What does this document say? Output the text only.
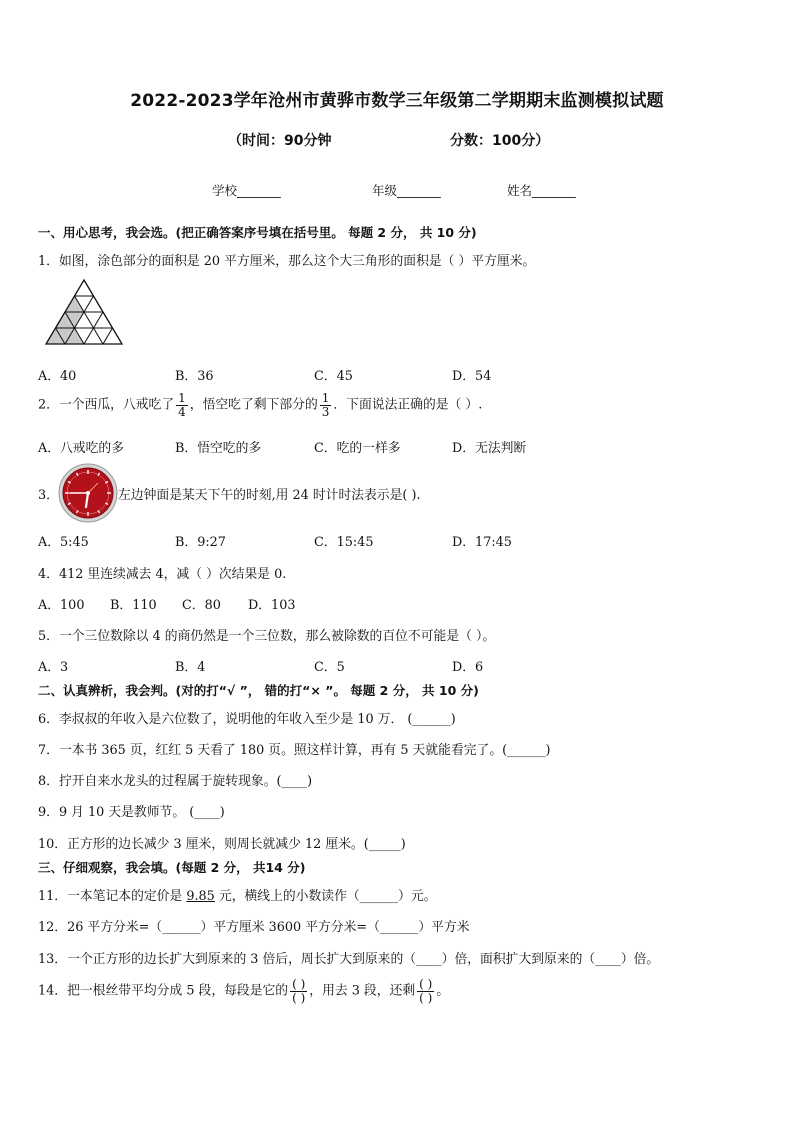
2022-2023学年沧州市黄骅市数学三年级第二学期期末监测模拟试题
（时间：90分钟	分数：100分）
学校_______	年级_______	姓名_______
一、用心思考，我会选。(把正确答案序号填在括号里。 每题 2 分， 共 10 分)
1．如图，涂色部分的面积是 20 平方厘米，那么这个大三角形的面积是（ ）平方厘米。
A．40	B．36	C．45	D．54
2．一个西瓜，八戒吃了 $\frac{1}{4}$ ，悟空吃了剩下部分的 $\frac{1}{3}$ ．下面说法正确的是（ ）.
A．八戒吃的多	B．悟空吃的多	C．吃的一样多	D．无法判断
3．	左边钟面是某天下午的时刻,用 24 时计时法表示是( ).
A．5:45	B．9:27	C．15:45	D．17:45
4．412 里连续减去 4，减（ ）次结果是 0.
A．100 B．110 C．80 D．103
5．一个三位数除以 4 的商仍然是一个三位数，那么被除数的百位不可能是（ ）。
A．3	B．4	C．5	D．6
二、认真辨析，我会判。(对的打“√ ”， 错的打“× ”。 每题 2 分， 共 10 分)
6．李叔叔的年收入是六位数了，说明他的年收入至少是 10 万． (______)
7．一本书 365 页，红红 5 天看了 180 页。照这样计算，再有 5 天就能看完了。(______)
8．拧开自来水龙头的过程属于旋转现象。(____)
9．9 月 10 天是教师节。 (____)
10．正方形的边长减少 3 厘米，则周长就减少 12 厘米。(_____)
三、仔细观察，我会填。(每题 2 分， 共14 分)
11．一本笔记本的定价是 9.85 元，横线上的小数读作（______）元。
12．26 平方分米=（______）平方厘米 3600 平方分米=（______）平方米
13．一个正方形的边长扩大到原来的 3 倍后，周长扩大到原来的（____）倍，面积扩大到原来的（____）倍。
14．把一根丝带平均分成 5 段，每段是它的 $\frac{( )}{( )}$ ，用去 3 段，还剩 $\frac{( )}{( )}$ 。
